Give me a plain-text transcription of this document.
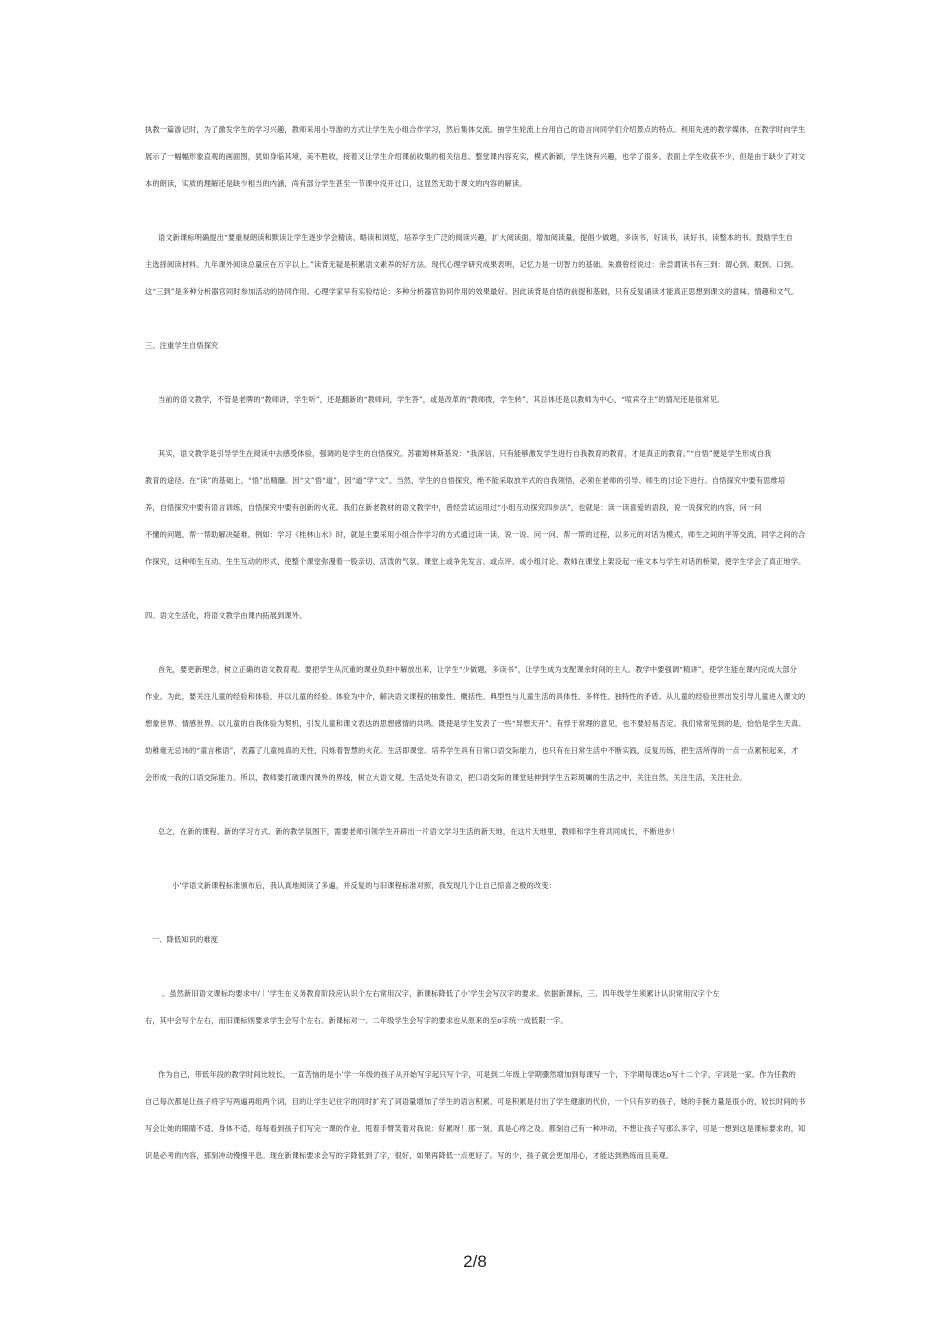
执教一篇游记时，为了激发学生的学习兴趣，教师采用小导游的方式让学生先小组合作学习，然后集体交流。抽学生轮流上台用自己的语言向同学们介绍景点的特点。利用先进的教学媒体，在教学时向学生
展示了一幅幅形象直观的画面图，犹如身临其境，美不胜收，接着又让学生介绍课前收集的相关信息。整堂课内容充实，模式新颖，学生饶有兴趣，也学了很多。表面上学生收获不少，但是由于缺少了对文
本的朗读，实质的理解还是缺少相当的内涵，尚有部分学生甚至一节课中没开过口，这显然无助于课文的内容的解读。
语文新课标明确提出“要重视朗读和默读让学生逐步学会精读、略读和浏览，培养学生广泛的阅读兴趣，扩大阅读面，增加阅读量，提倡少做题，多读书，好读书，读好书，读整本的书。鼓励学生自
主选择阅读材料。九年课外阅读总量应在万字以上。”读背无疑是积累语文素养的好方法。现代心理学研究成果表明，记忆力是一切智力的基础。朱熹曾经说过：余尝谓读书有三到：谓心到、眼到、口到。
这“三到”是多种分析器官同时参加活动的协同作用。心理学家早有实验结论：多种分析器官协同作用的效果最好。因此读背是自悟的前提和基础，只有反复诵读才能真正思想到课文的意味、情趣和文气。
三、注重学生自悟探究
当前的语文教学，不管是老牌的“教师讲，学生听”，还是翻新的“教师问，学生答”，或是改革的“教师拨，学生转”，其总体还是以教师为中心，“喧宾夺主”的情况还是很常见。
其实，语文教学是引导学生在阅读中去感受体验，强调的是学生的自悟探究。苏霍姆林斯基说：“我深信，只有能够激发学生进行自我教育的教育，才是真正的教育。”“自悟”便是学生形成自我
教育的途径。在“读”的基础上，“悟”出精髓。因“文”悟“道”，因“道”学“文”。当然，学生的自悟探究，绝不能采取放羊式的自我领悟，必须在老师的引导、师生的讨论下进行。自悟探究中要有思维培
养，自悟探究中要有语言训练，自悟探究中要有创新的火花。我们在新老教材的语文教学中，曾经尝试运用过“小组互动探究四步法”，也就是：读一读喜爱的语段，说一说探究的内容，问一问
不懂的问题，帮一帮助解决疑难。例如：学习《桂林山水》时，就是主要采用小组合作学习的方式通过读一读、说一说、问一问、帮一帮的过程，以多元的对话为模式，师生之间的平等交流，同学之间的合
作探究，这种师生互动、生生互动的形式，使整个课堂弥漫着一股亲切、活泼的气氛。课堂上或争先发言、或点评、或小组讨论。教师在课堂上架设起一座文本与学生对话的桥梁，使学生学会了真正地学。
四、语文生活化，将语文教学由课内拓展到课外。
首先，要更新理念，树立正确的语文教育观。要把学生从沉重的课业负担中解放出来，让学生“少做题，多读书”，让学生成为支配课余时间的主人。教学中要强调“精讲”，使学生能在课内完成大部分
作业。为此，要关注儿童的经验和体验，并以儿童的经验、体验为中介，解决语文课程的抽象性、概括性、典型性与儿童生活的具体性、多样性、独特性的矛盾。从儿童的经验世界出发引导儿童进入课文的
想象世界、情感世界。以儿童的自我体验为契机，引发儿童和课文表达的思想感情的共鸣。既使是学生发表了一些“异想天开”、有悖于常理的意见，也不要轻易否定。我们常常见到的是，恰恰是学生天真、
幼稚毫无忌讳的“童言稚语”，表露了儿童纯真的天性，闪烁着智慧的火花。生活即课堂。培养学生具有日常口语交际能力，也只有在日常生活中不断实践，反复历练，把生活所得的一点一点累积起来，才
会形成一我的口语交际能力。所以，教师要打破课内课外的界线，树立大语文观，生活处处有语文，把口语交际的课堂延伸到学生五彩斑斓的生活之中，关注自然，关注生活，关注社会。
总之，在新的课程、新的学习方式、新的教学氛围下，需要老师引领学生开辟出一片语文学习生活的新天地，在这片天地里，教师和学生将共同成长，不断进步！
小’学语文新课程标准颁布后，我认真地阅读了多遍，并反复的与旧课程标准对照，我发现几个让自己惊喜之极的改变：
一、降低知识的难度
。虽然新旧语文课标均要求中/｜’学生在义务教育阶段应认识个左右常用汉字，新课标降低了小’学生会写汉字的要求。依据新课标，三、四年级学生须累计认识常用汉字个左
右，其中会写个左右，而旧课标则要求学生会写个左右。新课标对一、二年级学生会写字的要求也从原来的至ο字统一成低限一字。
作为自己，带低年段的教学时间比较长，一直苦恼的是小’学一年级的孩子从开始写字起只写个字，可是到二年级上学期骤然增加到每课写一个，下学期每课达ο写十二个字，字词是一家。作为任教的
自己每次都是让孩子将字写两遍再组两个词，目的让学生记住字的同时扩充了词语量增加了学生的语言积累，可是积累是付出了学生健康的代价，一个只有岁的孩子，她的手腕力量是很小的，较长时间的书
写会让她的眼睛不适、身体不适，每每看到孩子们写完一课的作业，甩着手臂笑着对我说：好累呀！那一刻，真是心疼之及。都刻自己有一种冲动，不想让孩子写那么多字，可是一想到这是课标要求的，知
识是必考的内容，那刻冲动慢慢平息。现在新课标要求会写的字降低到了字，很好，如果再降低一点更好了。写的少，孩子就会更加用心，才能达到熟练而且美观。
2/8
